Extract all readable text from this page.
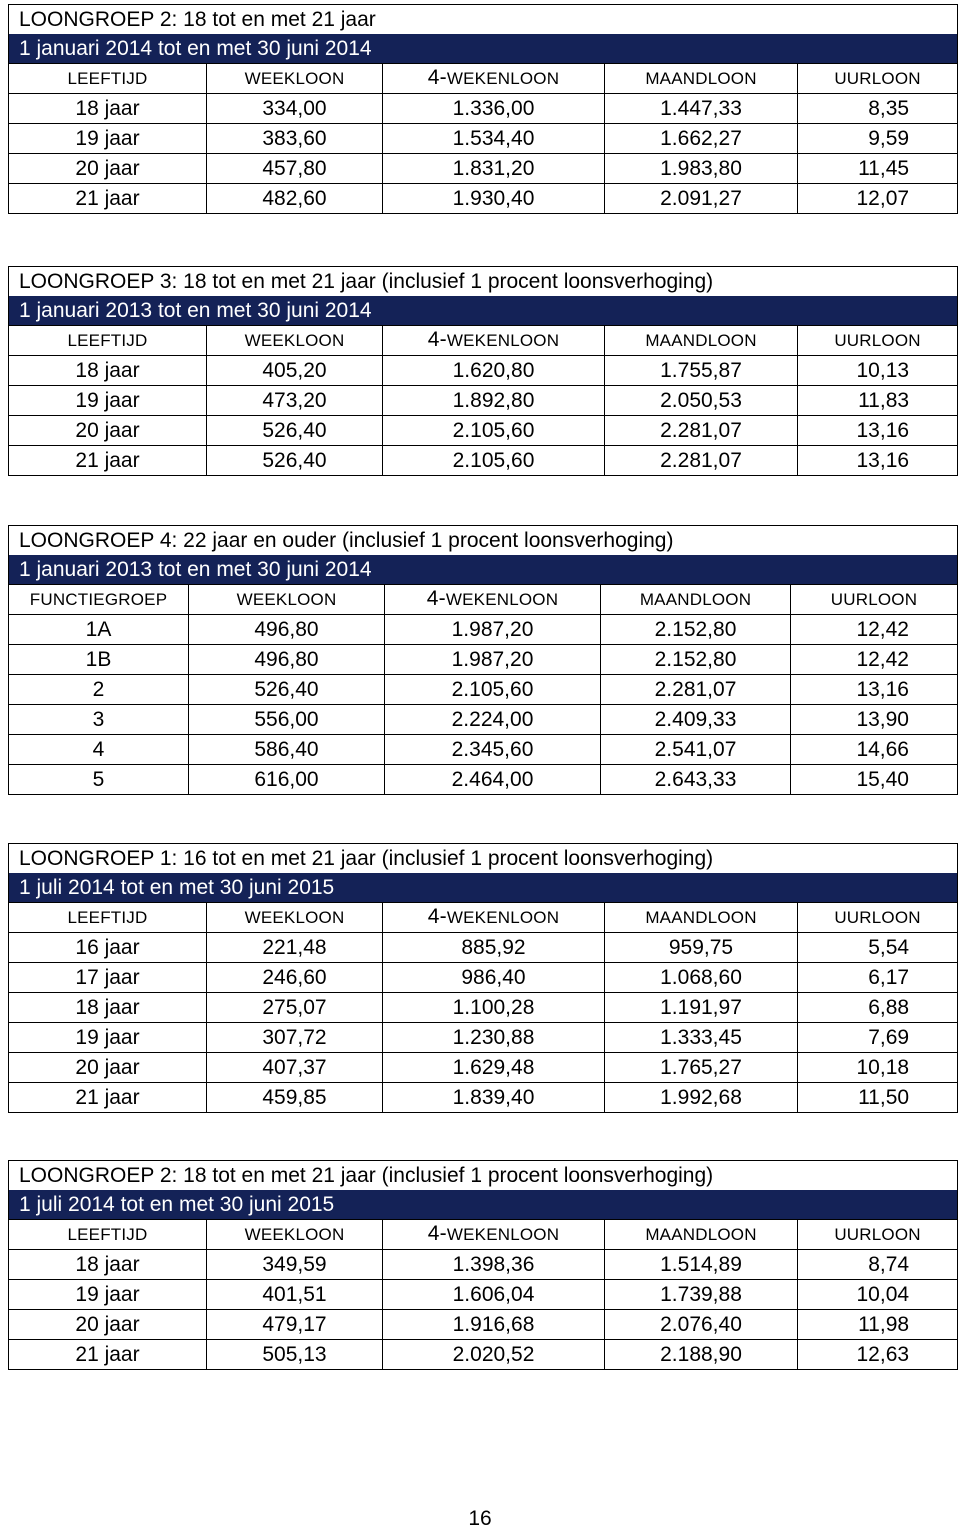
LOONGROEP 2: 18 tot en met 21 jaar				
1 januari 2014 tot en met 30 juni 2014				
LEEFTIJD	WEEKLOON	4-WEKENLOON	MAANDLOON	UURLOON
18 jaar	334,00	1.336,00	1.447,33	8,35
19 jaar	383,60	1.534,40	1.662,27	9,59
20 jaar	457,80	1.831,20	1.983,80	11,45
21 jaar	482,60	1.930,40	2.091,27	12,07
LOONGROEP 3: 18 tot en met 21 jaar (inclusief 1 procent loonsverhoging)				
1 januari 2013 tot en met 30 juni 2014				
LEEFTIJD	WEEKLOON	4-WEKENLOON	MAANDLOON	UURLOON
18 jaar	405,20	1.620,80	1.755,87	10,13
19 jaar	473,20	1.892,80	2.050,53	11,83
20 jaar	526,40	2.105,60	2.281,07	13,16
21 jaar	526,40	2.105,60	2.281,07	13,16
LOONGROEP 4: 22 jaar en ouder (inclusief 1 procent loonsverhoging)				
1 januari 2013 tot en met 30 juni 2014				
FUNCTIEGROEP	WEEKLOON	4-WEKENLOON	MAANDLOON	UURLOON
1A	496,80	1.987,20	2.152,80	12,42
1B	496,80	1.987,20	2.152,80	12,42
2	526,40	2.105,60	2.281,07	13,16
3	556,00	2.224,00	2.409,33	13,90
4	586,40	2.345,60	2.541,07	14,66
5	616,00	2.464,00	2.643,33	15,40
LOONGROEP 1: 16 tot en met 21 jaar (inclusief 1 procent loonsverhoging)				
1 juli 2014 tot en met 30 juni 2015				
LEEFTIJD	WEEKLOON	4-WEKENLOON	MAANDLOON	UURLOON
16 jaar	221,48	885,92	959,75	5,54
17 jaar	246,60	986,40	1.068,60	6,17
18 jaar	275,07	1.100,28	1.191,97	6,88
19 jaar	307,72	1.230,88	1.333,45	7,69
20 jaar	407,37	1.629,48	1.765,27	10,18
21 jaar	459,85	1.839,40	1.992,68	11,50
LOONGROEP 2: 18 tot en met 21 jaar (inclusief 1 procent loonsverhoging)				
1 juli 2014 tot en met 30 juni 2015				
LEEFTIJD	WEEKLOON	4-WEKENLOON	MAANDLOON	UURLOON
18 jaar	349,59	1.398,36	1.514,89	8,74
19 jaar	401,51	1.606,04	1.739,88	10,04
20 jaar	479,17	1.916,68	2.076,40	11,98
21 jaar	505,13	2.020,52	2.188,90	12,63
16
